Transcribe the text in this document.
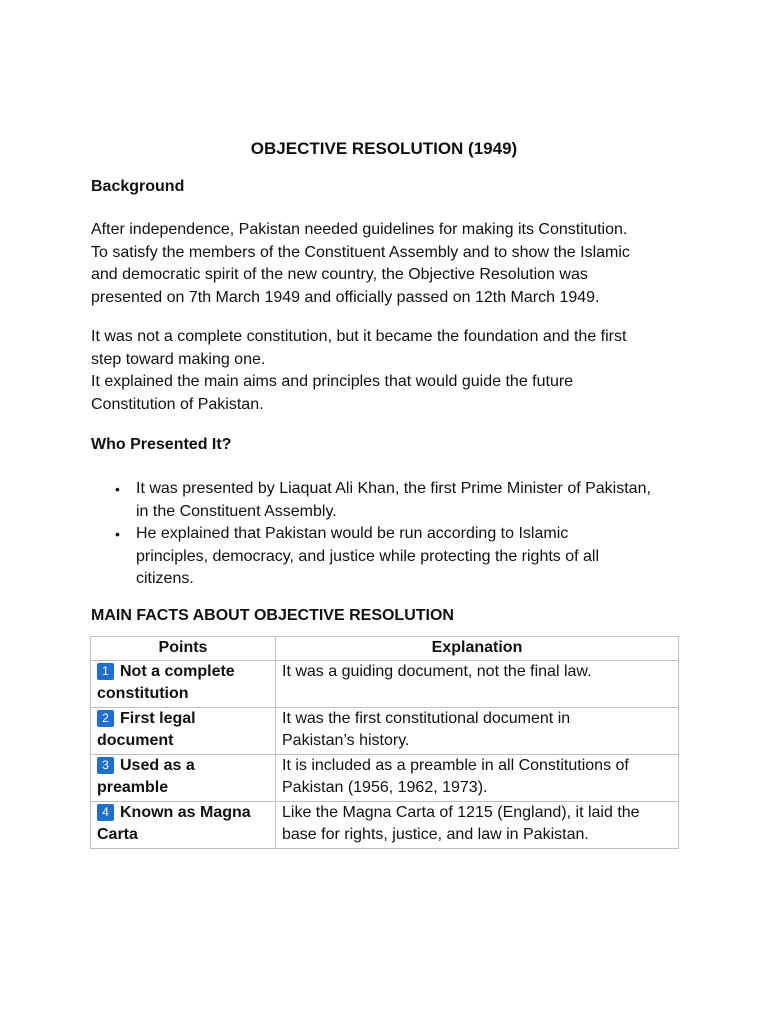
OBJECTIVE RESOLUTION (1949)

Background

After independence, Pakistan needed guidelines for making its Constitution.
To satisfy the members of the Constituent Assembly and to show the Islamic
and democratic spirit of the new country, the Objective Resolution was
presented on 7th March 1949 and officially passed on 12th March 1949.

It was not a complete constitution, but it became the foundation and the first
step toward making one.
It explained the main aims and principles that would guide the future
Constitution of Pakistan.

Who Presented It?

• It was presented by Liaquat Ali Khan, the first Prime Minister of Pakistan,
in the Constituent Assembly.
• He explained that Pakistan would be run according to Islamic
principles, democracy, and justice while protecting the rights of all
citizens.

MAIN FACTS ABOUT OBJECTIVE RESOLUTION

Points	Explanation
1 Not a complete
constitution	It was a guiding document, not the final law.
2 First legal
document	It was the first constitutional document in
Pakistan’s history.
3 Used as a
preamble	It is included as a preamble in all Constitutions of
Pakistan (1956, 1962, 1973).
4 Known as Magna
Carta	Like the Magna Carta of 1215 (England), it laid the
base for rights, justice, and law in Pakistan.
